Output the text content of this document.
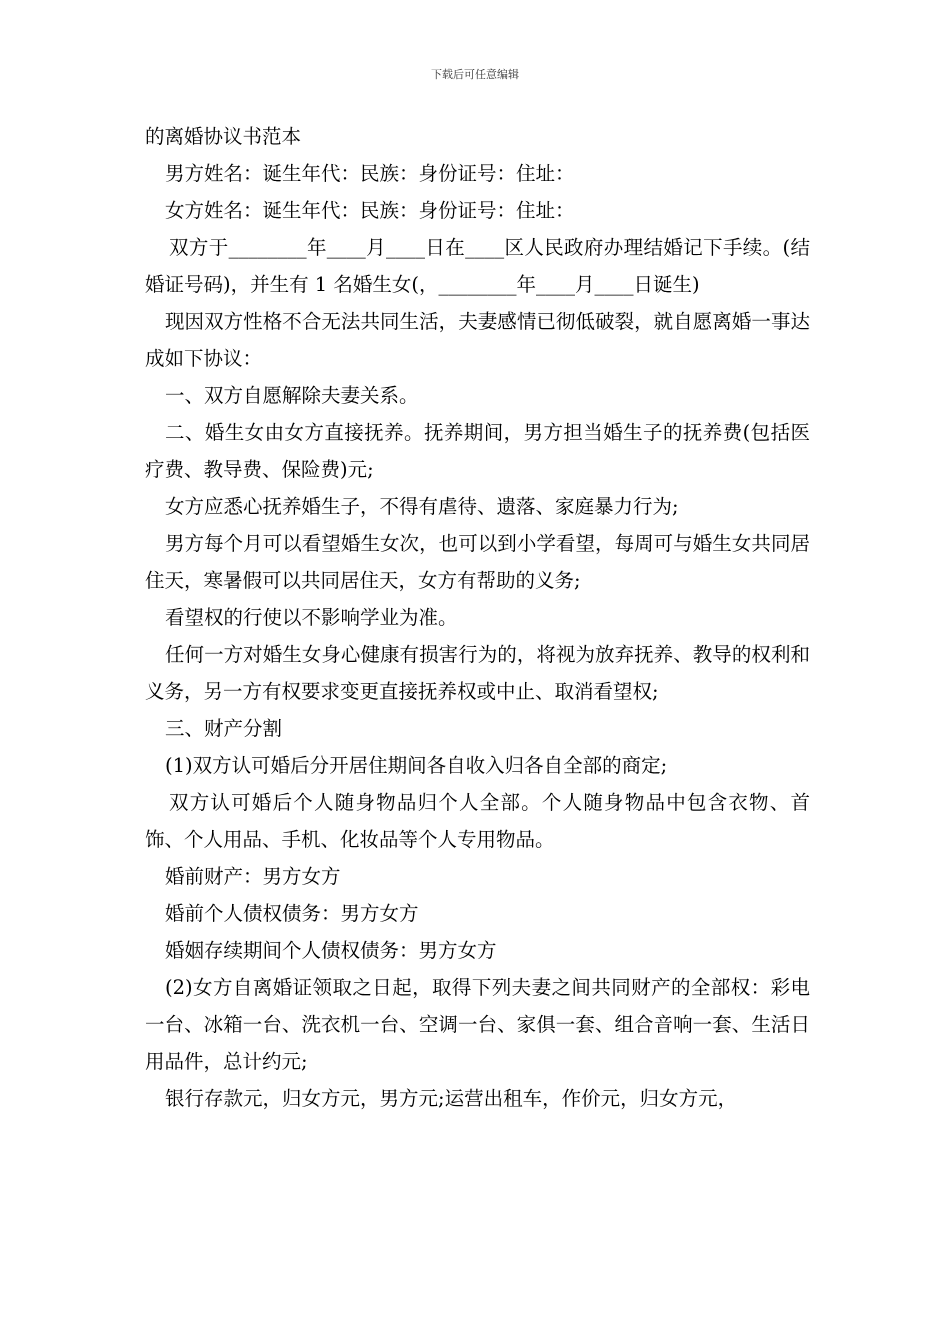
下载后可任意编辑

的离婚协议书范本

男方姓名：诞生年代：民族：身份证号：住址：

女方姓名：诞生年代：民族：身份证号：住址：

双方于________年____月____日在____区人民政府办理结婚记下手续。(结婚证号码)，并生有 1 名婚生女(，________年____月____日诞生)

现因双方性格不合无法共同生活，夫妻感情已彻低破裂，就自愿离婚一事达成如下协议：

一、双方自愿解除夫妻关系。

二、婚生女由女方直接抚养。抚养期间，男方担当婚生子的抚养费(包括医疗费、教导费、保险费)元;

女方应悉心抚养婚生子，不得有虐待、遗落、家庭暴力行为;

男方每个月可以看望婚生女次，也可以到小学看望，每周可与婚生女共同居住天，寒暑假可以共同居住天，女方有帮助的义务;

看望权的行使以不影响学业为准。

任何一方对婚生女身心健康有损害行为的，将视为放弃抚养、教导的权利和义务，另一方有权要求变更直接抚养权或中止、取消看望权;

三、财产分割

(1)双方认可婚后分开居住期间各自收入归各自全部的商定;

双方认可婚后个人随身物品归个人全部。个人随身物品中包含衣物、首饰、个人用品、手机、化妆品等个人专用物品。

婚前财产：男方女方

婚前个人债权债务：男方女方

婚姻存续期间个人债权债务：男方女方

(2)女方自离婚证领取之日起，取得下列夫妻之间共同财产的全部权：彩电一台、冰箱一台、洗衣机一台、空调一台、家俱一套、组合音响一套、生活日用品件，总计约元;

银行存款元，归女方元，男方元;运营出租车，作价元，归女方元，
